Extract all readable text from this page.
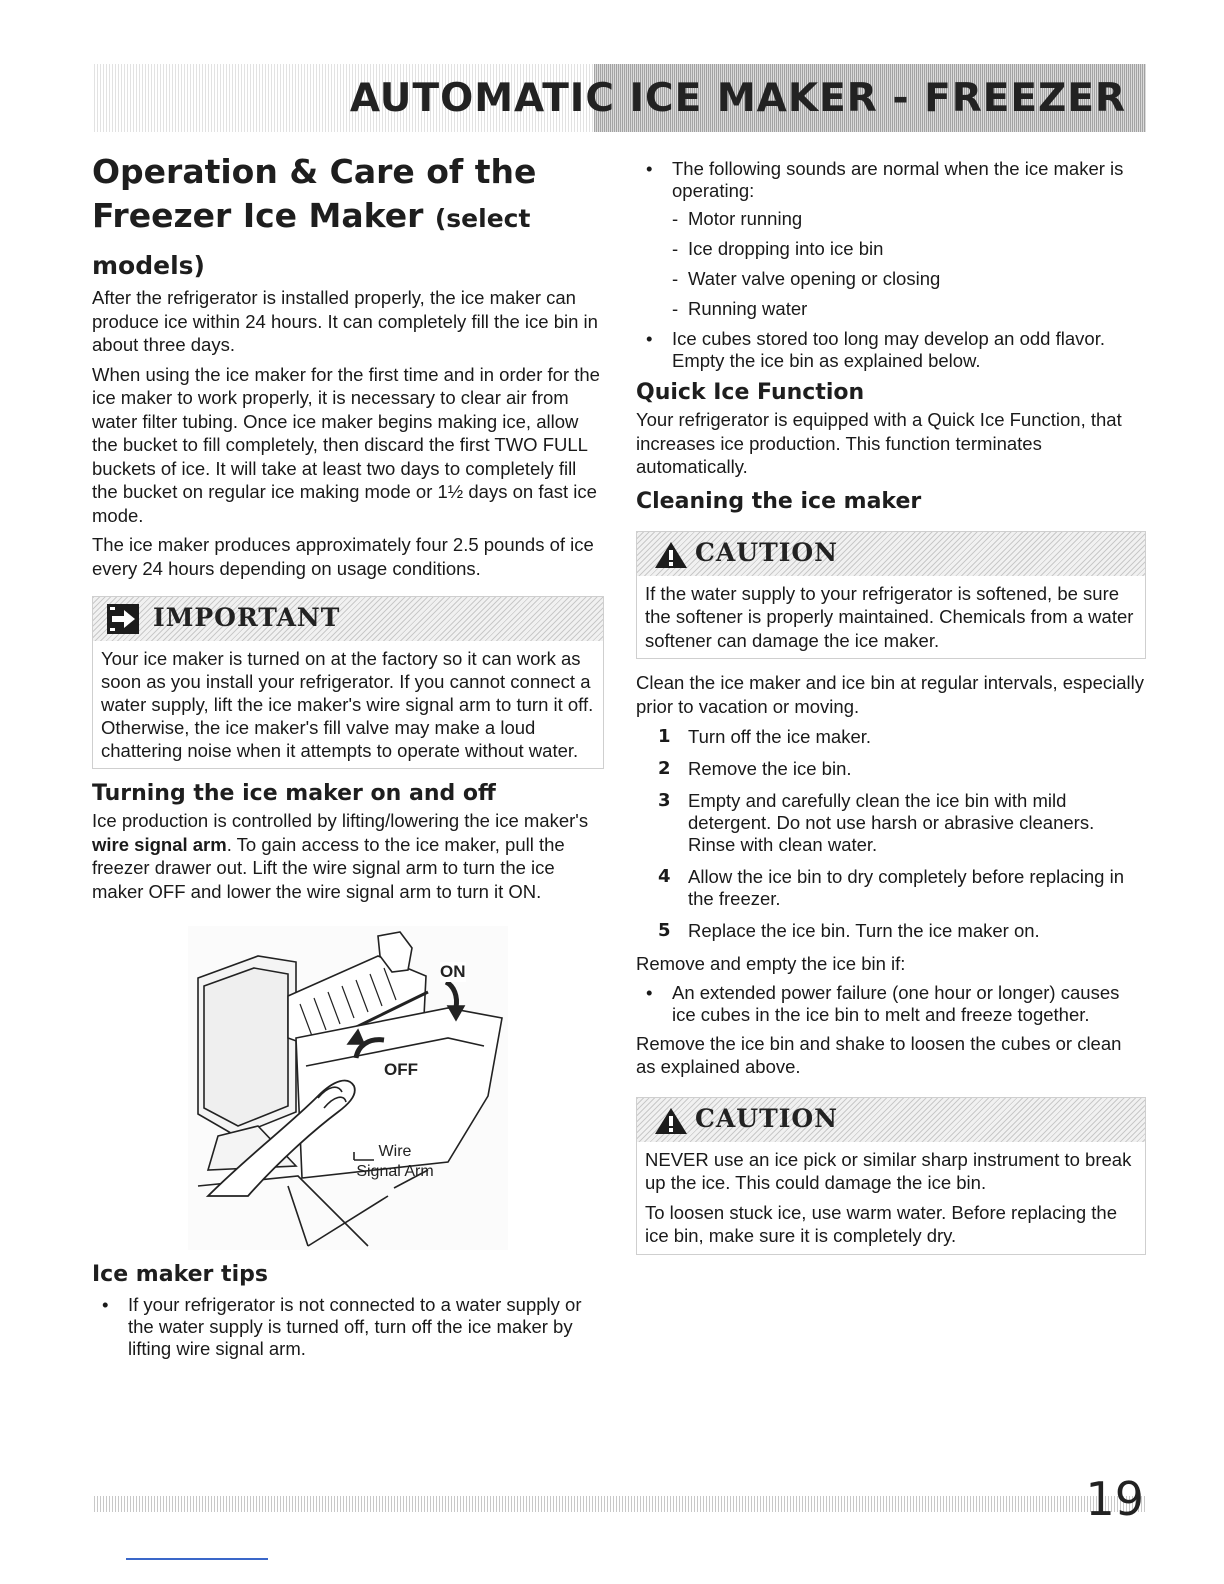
AUTOMATIC ICE MAKER - FREEZER
Operation & Care of the Freezer Ice Maker (select models)

After the refrigerator is installed properly, the ice maker can produce ice within 24 hours. It can completely fill the ice bin in about three days.

When using the ice maker for the first time and in order for the ice maker to work properly, it is necessary to clear air from water filter tubing. Once ice maker begins making ice, allow the bucket to fill completely, then discard the first TWO FULL buckets of ice. It will take at least two days to completely fill the bucket on regular ice making mode or 1½ days on fast ice mode.

The ice maker produces approximately four 2.5 pounds of ice every 24 hours depending on usage conditions.

IMPORTANT

Your ice maker is turned on at the factory so it can work as soon as you install your refrigerator. If you cannot connect a water supply, lift the ice maker's wire signal arm to turn it off. Otherwise, the ice maker's fill valve may make a loud chattering noise when it attempts to operate without water.

Turning the ice maker on and off

Ice production is controlled by lifting/lowering the ice maker's wire signal arm. To gain access to the ice maker, pull the freezer drawer out. Lift the wire signal arm to turn the ice maker OFF and lower the wire signal arm to turn it ON.

ON
OFF
Wire
Signal Arm
Ice maker tips
• If your refrigerator is not connected to a water supply or the water supply is turned off, turn off the ice maker by lifting wire signal arm.
• The following sounds are normal when the ice maker is operating:
- Motor running
- Ice dropping into ice bin
- Water valve opening or closing
- Running water
• Ice cubes stored too long may develop an odd flavor. Empty the ice bin as explained below.
Quick Ice Function

Your refrigerator is equipped with a Quick Ice Function, that increases ice production. This function terminates automatically.

Cleaning the ice maker
CAUTION

If the water supply to your refrigerator is softened, be sure the softener is properly maintained. Chemicals from a water softener can damage the ice maker.

Clean the ice maker and ice bin at regular intervals, especially prior to vacation or moving.

1 Turn off the ice maker.
2 Remove the ice bin.
3 Empty and carefully clean the ice bin with mild detergent. Do not use harsh or abrasive cleaners. Rinse with clean water.
4 Allow the ice bin to dry completely before replacing in the freezer.
5 Replace the ice bin. Turn the ice maker on.

Remove and empty the ice bin if:

• An extended power failure (one hour or longer) causes ice cubes in the ice bin to melt and freeze together.

Remove the ice bin and shake to loosen the cubes or clean as explained above.

CAUTION

NEVER use an ice pick or similar sharp instrument to break up the ice. This could damage the ice bin.

To loosen stuck ice, use warm water. Before replacing the ice bin, make sure it is completely dry.

19
